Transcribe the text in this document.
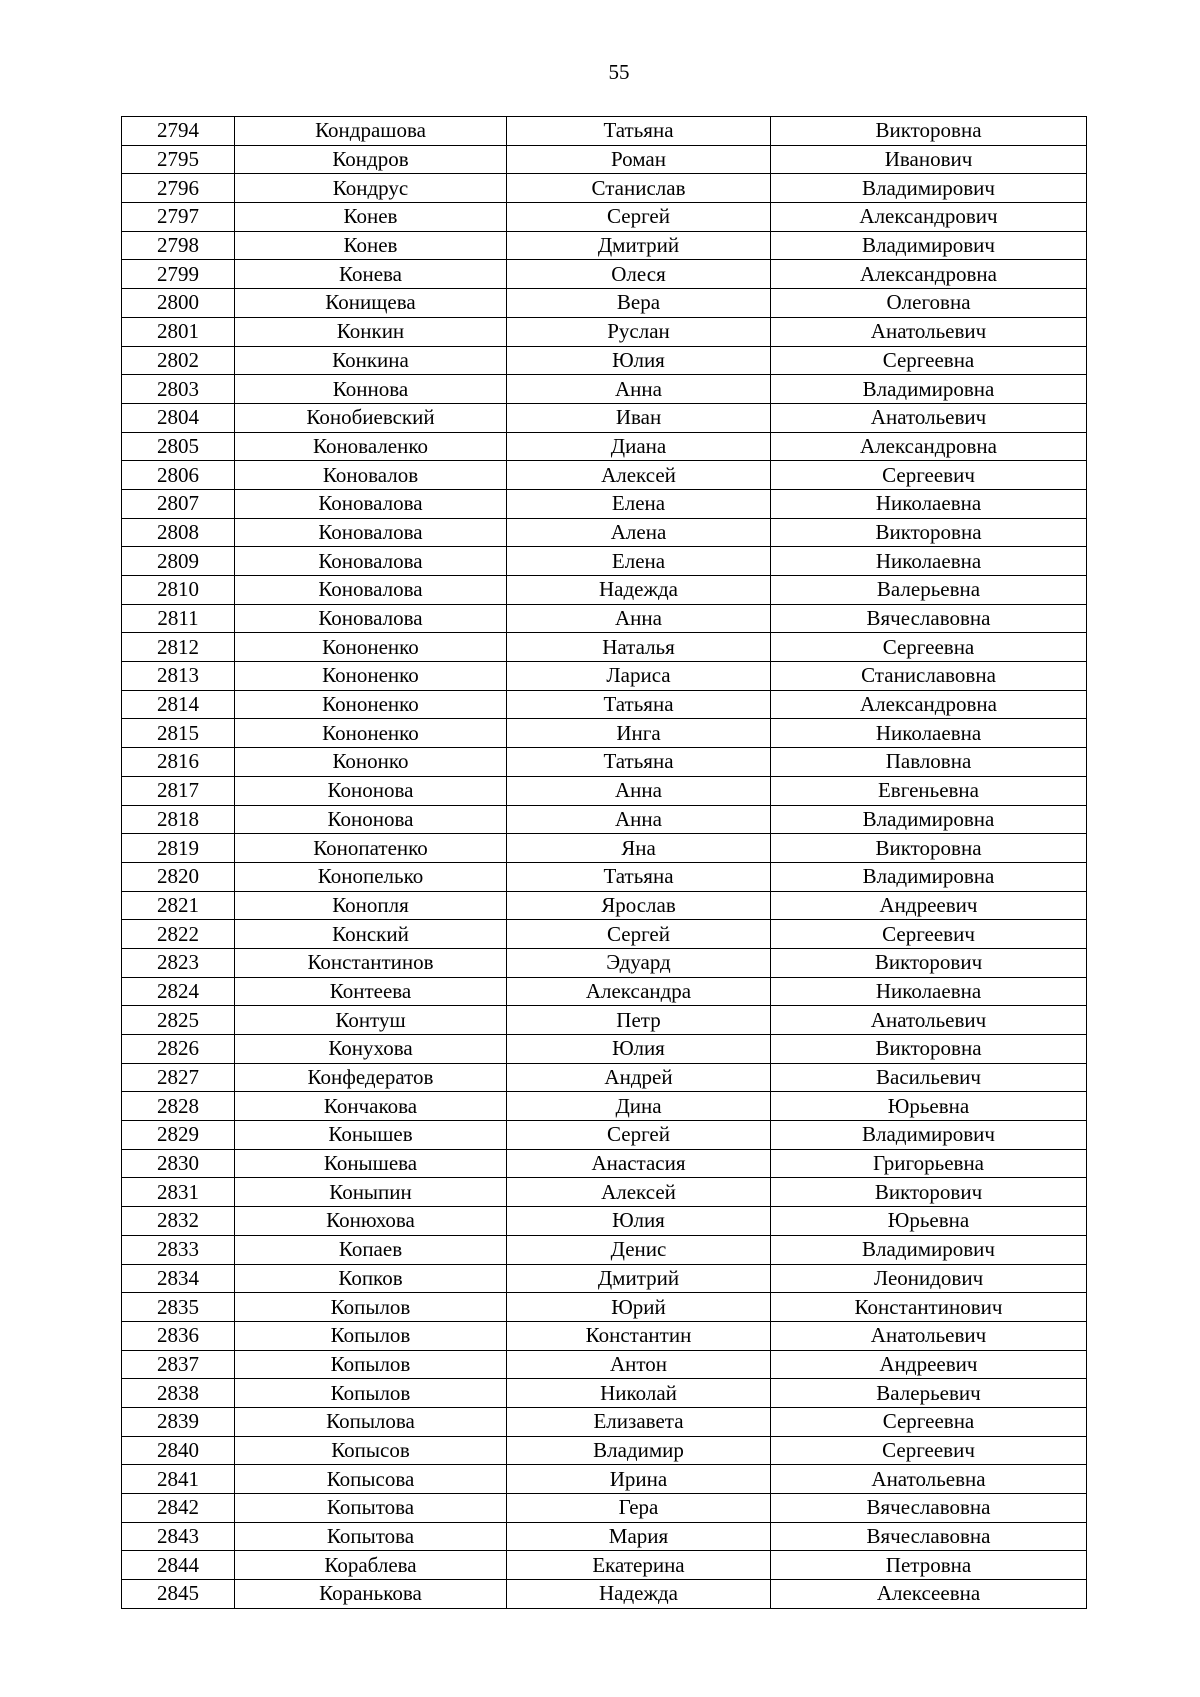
55
2794	Кондрашова	Татьяна	Викторовна
2795	Кондров	Роман	Иванович
2796	Кондрус	Станислав	Владимирович
2797	Конев	Сергей	Александрович
2798	Конев	Дмитрий	Владимирович
2799	Конева	Олеся	Александровна
2800	Конищева	Вера	Олеговна
2801	Конкин	Руслан	Анатольевич
2802	Конкина	Юлия	Сергеевна
2803	Коннова	Анна	Владимировна
2804	Конобиевский	Иван	Анатольевич
2805	Коноваленко	Диана	Александровна
2806	Коновалов	Алексей	Сергеевич
2807	Коновалова	Елена	Николаевна
2808	Коновалова	Алена	Викторовна
2809	Коновалова	Елена	Николаевна
2810	Коновалова	Надежда	Валерьевна
2811	Коновалова	Анна	Вячеславовна
2812	Кононенко	Наталья	Сергеевна
2813	Кононенко	Лариса	Станиславовна
2814	Кононенко	Татьяна	Александровна
2815	Кононенко	Инга	Николаевна
2816	Кононко	Татьяна	Павловна
2817	Кононова	Анна	Евгеньевна
2818	Кононова	Анна	Владимировна
2819	Конопатенко	Яна	Викторовна
2820	Конопелько	Татьяна	Владимировна
2821	Конопля	Ярослав	Андреевич
2822	Конский	Сергей	Сергеевич
2823	Константинов	Эдуард	Викторович
2824	Контеева	Александра	Николаевна
2825	Контуш	Петр	Анатольевич
2826	Конухова	Юлия	Викторовна
2827	Конфедератов	Андрей	Васильевич
2828	Кончакова	Дина	Юрьевна
2829	Конышев	Сергей	Владимирович
2830	Конышева	Анастасия	Григорьевна
2831	Коныпин	Алексей	Викторович
2832	Конюхова	Юлия	Юрьевна
2833	Копаев	Денис	Владимирович
2834	Копков	Дмитрий	Леонидович
2835	Копылов	Юрий	Константинович
2836	Копылов	Константин	Анатольевич
2837	Копылов	Антон	Андреевич
2838	Копылов	Николай	Валерьевич
2839	Копылова	Елизавета	Сергеевна
2840	Копысов	Владимир	Сергеевич
2841	Копысова	Ирина	Анатольевна
2842	Копытова	Гера	Вячеславовна
2843	Копытова	Мария	Вячеславовна
2844	Кораблева	Екатерина	Петровна
2845	Коранькова	Надежда	Алексеевна
